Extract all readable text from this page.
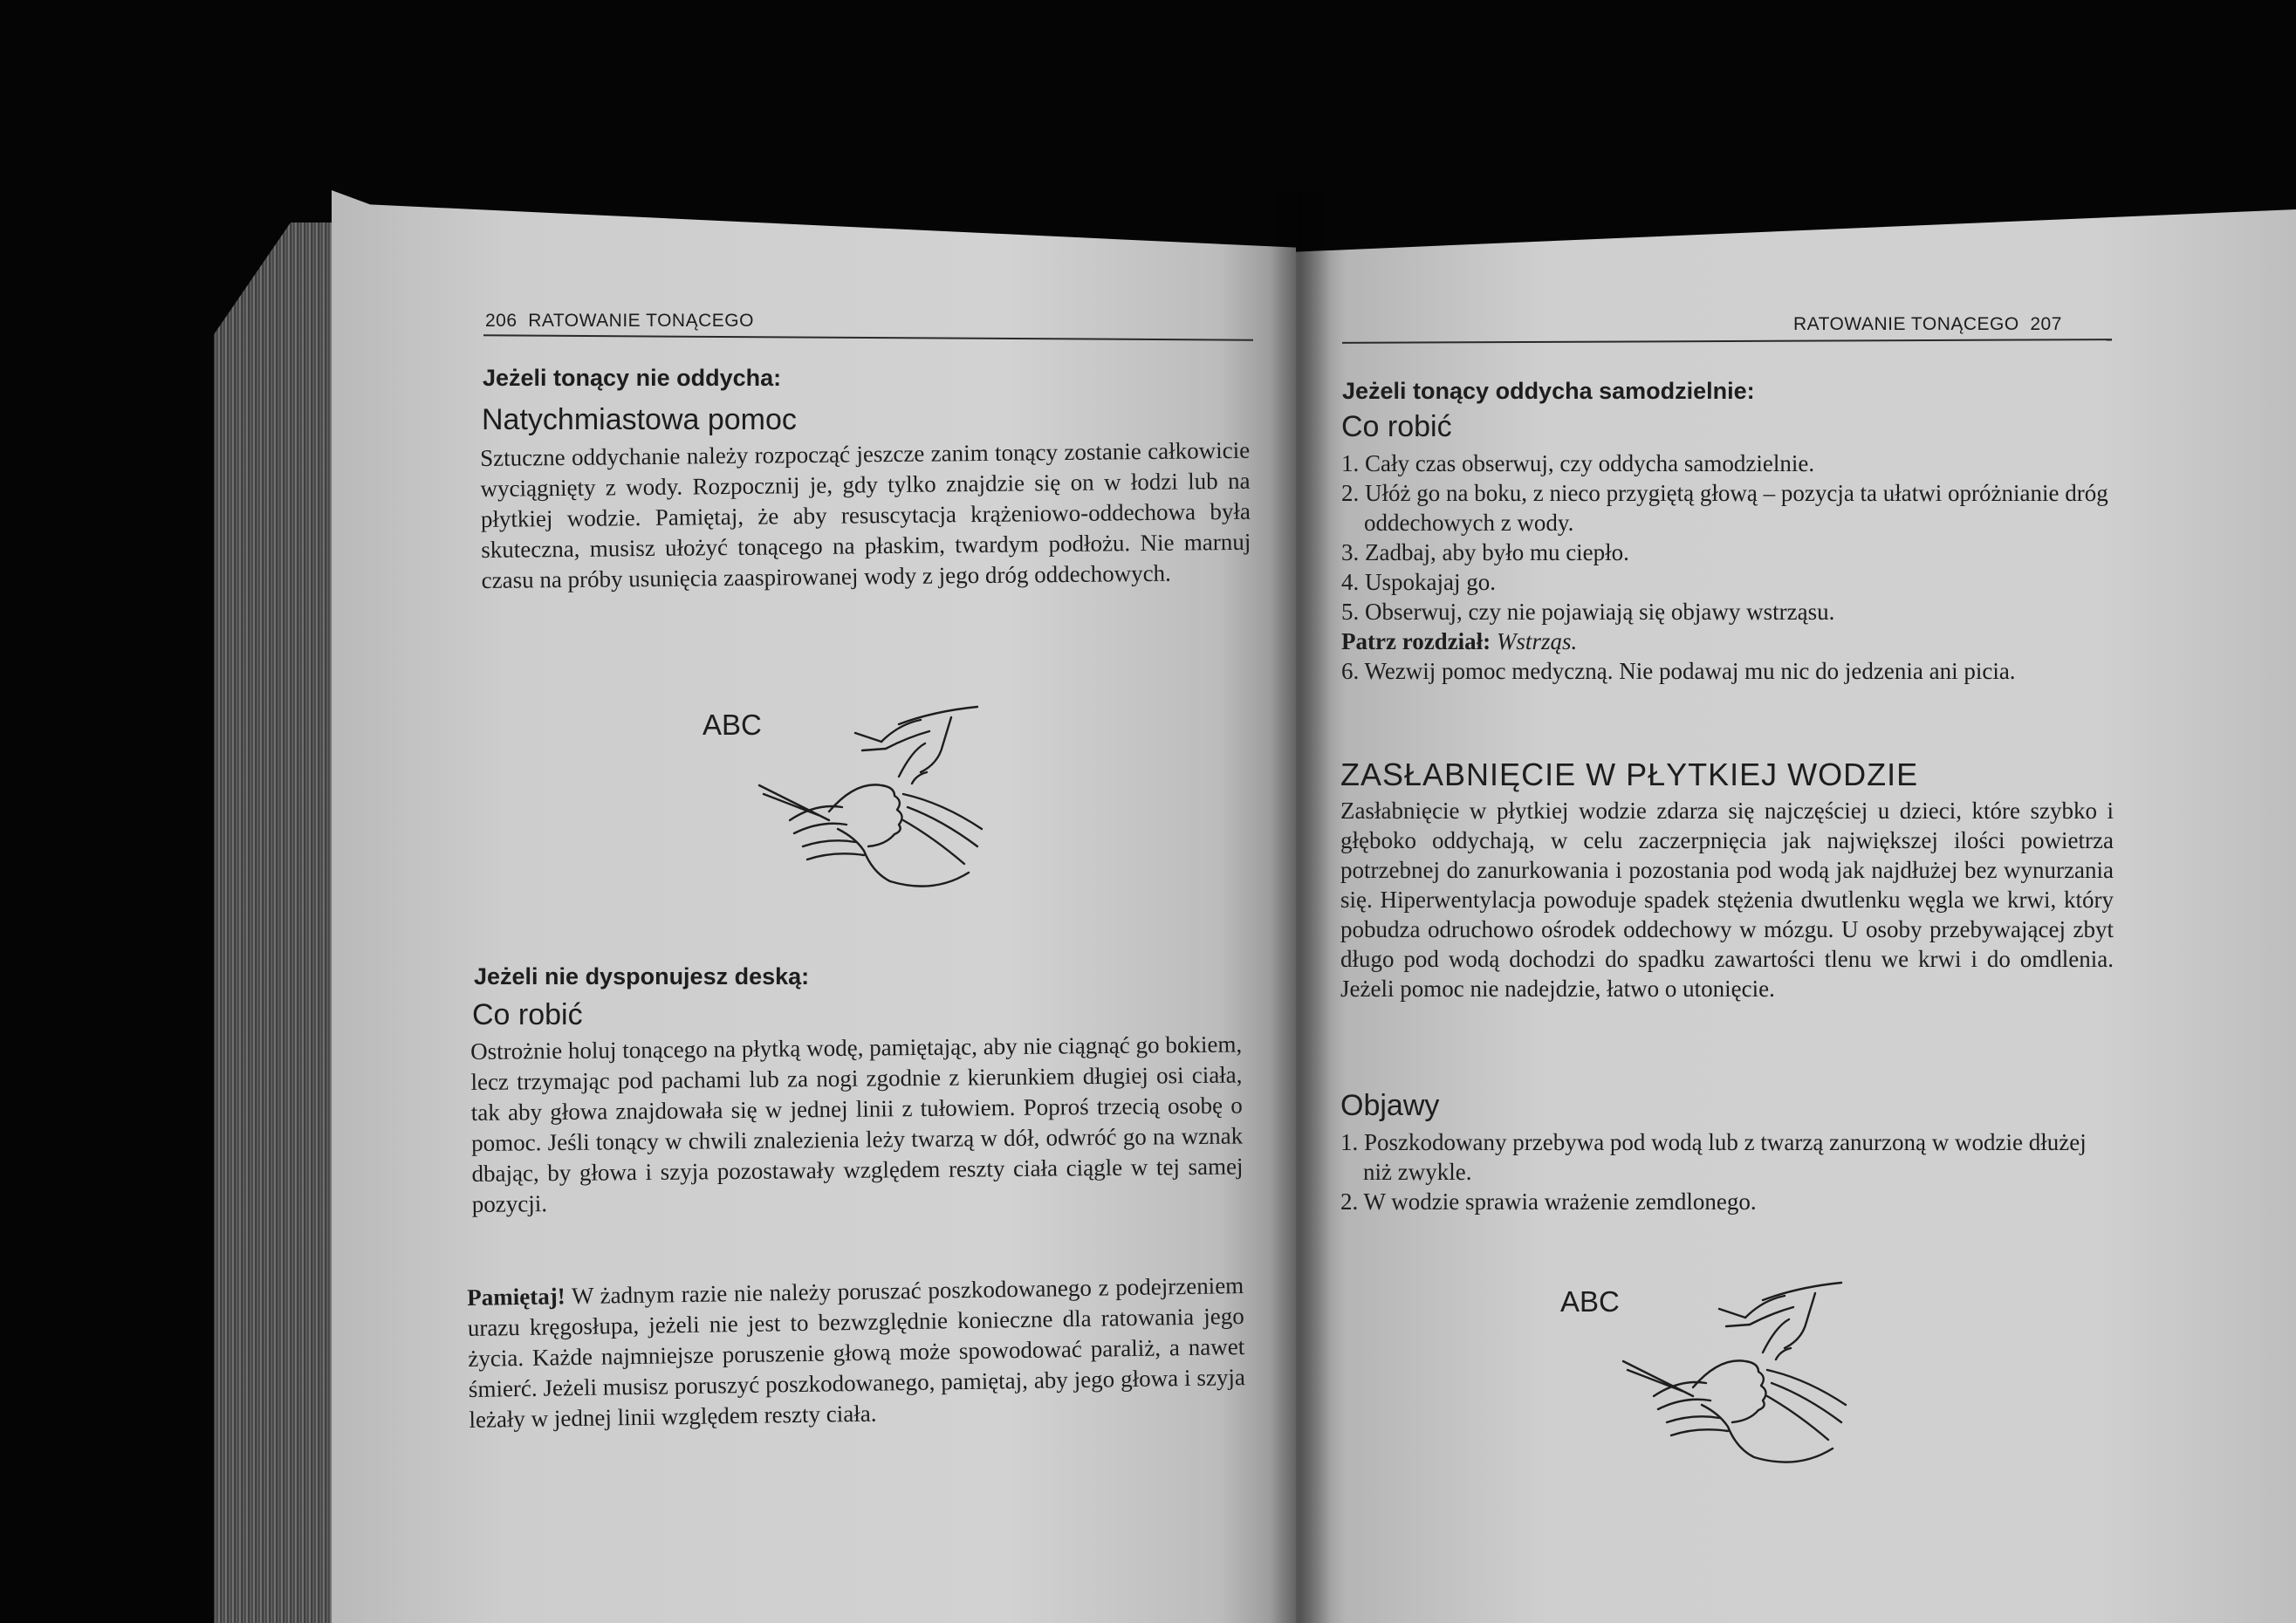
206 RATOWANIE TONĄCEGO
Jeżeli tonący nie oddycha:
Natychmiastowa pomoc
Sztuczne oddychanie należy rozpocząć jeszcze zanim tonący zostanie całkowicie wyciągnięty z wody. Rozpocznij je, gdy tylko znajdzie się on w łodzi lub na płytkiej wodzie. Pamiętaj, że aby resuscytacja krążeniowo-oddechowa była skuteczna, musisz ułożyć tonącego na płaskim, twardym podłożu. Nie marnuj czasu na próby usunięcia zaaspirowanej wody z jego dróg oddechowych.
ABC
Jeżeli nie dysponujesz deską:
Co robić
Ostrożnie holuj tonącego na płytką wodę, pamiętając, aby nie ciągnąć go bokiem, lecz trzymając pod pachami lub za nogi zgodnie z kierunkiem długiej osi ciała, tak aby głowa znajdowała się w jednej linii z tułowiem. Poproś trzecią osobę o pomoc. Jeśli tonący w chwili znalezienia leży twarzą w dół, odwróć go na wznak dbając, by głowa i szyja pozostawały względem reszty ciała ciągle w tej samej pozycji.
Pamiętaj! W żadnym razie nie należy poruszać poszkodowanego z podejrzeniem urazu kręgosłupa, jeżeli nie jest to bezwzględnie konieczne dla ratowania jego życia. Każde najmniejsze poruszenie głową może spowodować paraliż, a nawet śmierć. Jeżeli musisz poruszyć poszkodowanego, pamiętaj, aby jego głowa i szyja leżały w jednej linii względem reszty ciała.
RATOWANIE TONĄCEGO 207
Jeżeli tonący oddycha samodzielnie:
Co robić
1. Cały czas obserwuj, czy oddycha samodzielnie.
2. Ułóż go na boku, z nieco przygiętą głową – pozycja ta ułatwi opróżnianie dróg oddechowych z wody.
3. Zadbaj, aby było mu ciepło.
4. Uspokajaj go.
5. Obserwuj, czy nie pojawiają się objawy wstrząsu.
Patrz rozdział: Wstrząs.
6. Wezwij pomoc medyczną. Nie podawaj mu nic do jedzenia ani picia.
ZASŁABNIĘCIE W PŁYTKIEJ WODZIE
Zasłabnięcie w płytkiej wodzie zdarza się najczęściej u dzieci, które szybko i głęboko oddychają, w celu zaczerpnięcia jak największej ilości powietrza potrzebnej do zanurkowania i pozostania pod wodą jak najdłużej bez wynurzania się. Hiperwentylacja powoduje spadek stężenia dwutlenku węgla we krwi, który pobudza odruchowo ośrodek oddechowy w mózgu. U osoby przebywającej zbyt długo pod wodą dochodzi do spadku zawartości tlenu we krwi i do omdlenia. Jeżeli pomoc nie nadejdzie, łatwo o utonięcie.
Objawy
1. Poszkodowany przebywa pod wodą lub z twarzą zanurzoną w wodzie dłużej niż zwykle.
2. W wodzie sprawia wrażenie zemdlonego.
ABC
